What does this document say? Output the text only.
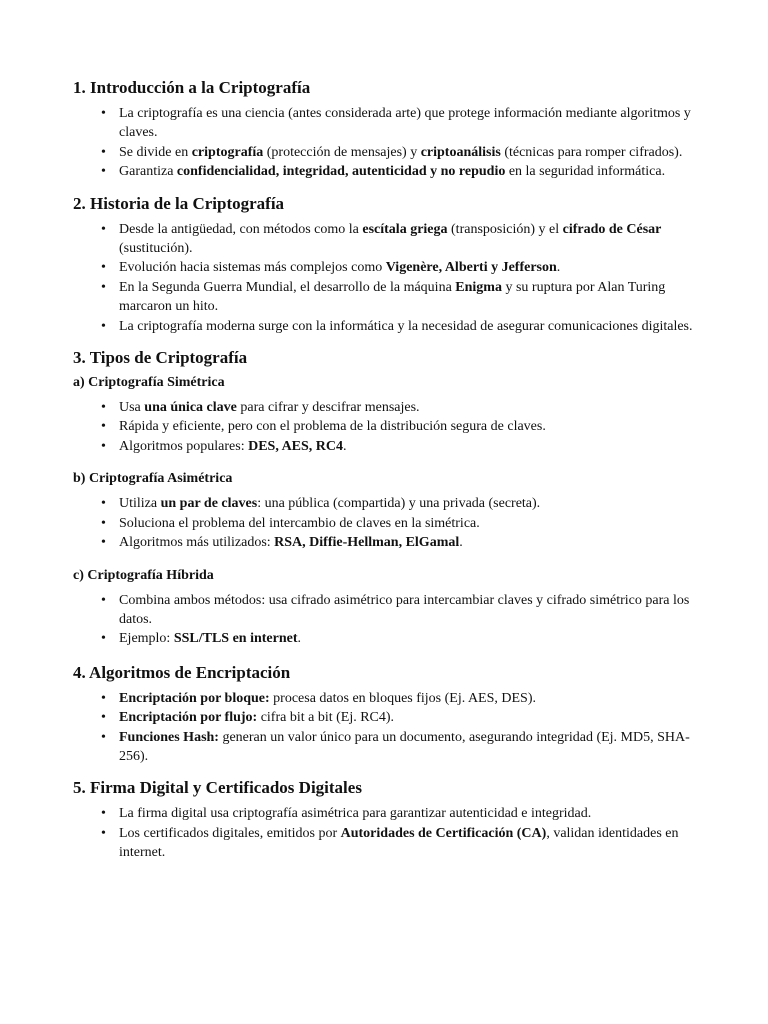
1. Introducción a la Criptografía
• La criptografía es una ciencia (antes considerada arte) que protege información mediante algoritmos y claves.
• Se divide en criptografía (protección de mensajes) y criptoanálisis (técnicas para romper cifrados).
• Garantiza confidencialidad, integridad, autenticidad y no repudio en la seguridad informática.
2. Historia de la Criptografía
• Desde la antigüedad, con métodos como la escítala griega (transposición) y el cifrado de César (sustitución).
• Evolución hacia sistemas más complejos como Vigenère, Alberti y Jefferson.
• En la Segunda Guerra Mundial, el desarrollo de la máquina Enigma y su ruptura por Alan Turing marcaron un hito.
• La criptografía moderna surge con la informática y la necesidad de asegurar comunicaciones digitales.
3. Tipos de Criptografía
a) Criptografía Simétrica
• Usa una única clave para cifrar y descifrar mensajes.
• Rápida y eficiente, pero con el problema de la distribución segura de claves.
• Algoritmos populares: DES, AES, RC4.
b) Criptografía Asimétrica
• Utiliza un par de claves: una pública (compartida) y una privada (secreta).
• Soluciona el problema del intercambio de claves en la simétrica.
• Algoritmos más utilizados: RSA, Diffie-Hellman, ElGamal.
c) Criptografía Híbrida
• Combina ambos métodos: usa cifrado asimétrico para intercambiar claves y cifrado simétrico para los datos.
• Ejemplo: SSL/TLS en internet.
4. Algoritmos de Encriptación
• Encriptación por bloque: procesa datos en bloques fijos (Ej. AES, DES).
• Encriptación por flujo: cifra bit a bit (Ej. RC4).
• Funciones Hash: generan un valor único para un documento, asegurando integridad (Ej. MD5, SHA-256).
5. Firma Digital y Certificados Digitales
• La firma digital usa criptografía asimétrica para garantizar autenticidad e integridad.
• Los certificados digitales, emitidos por Autoridades de Certificación (CA), validan identidades en internet.
